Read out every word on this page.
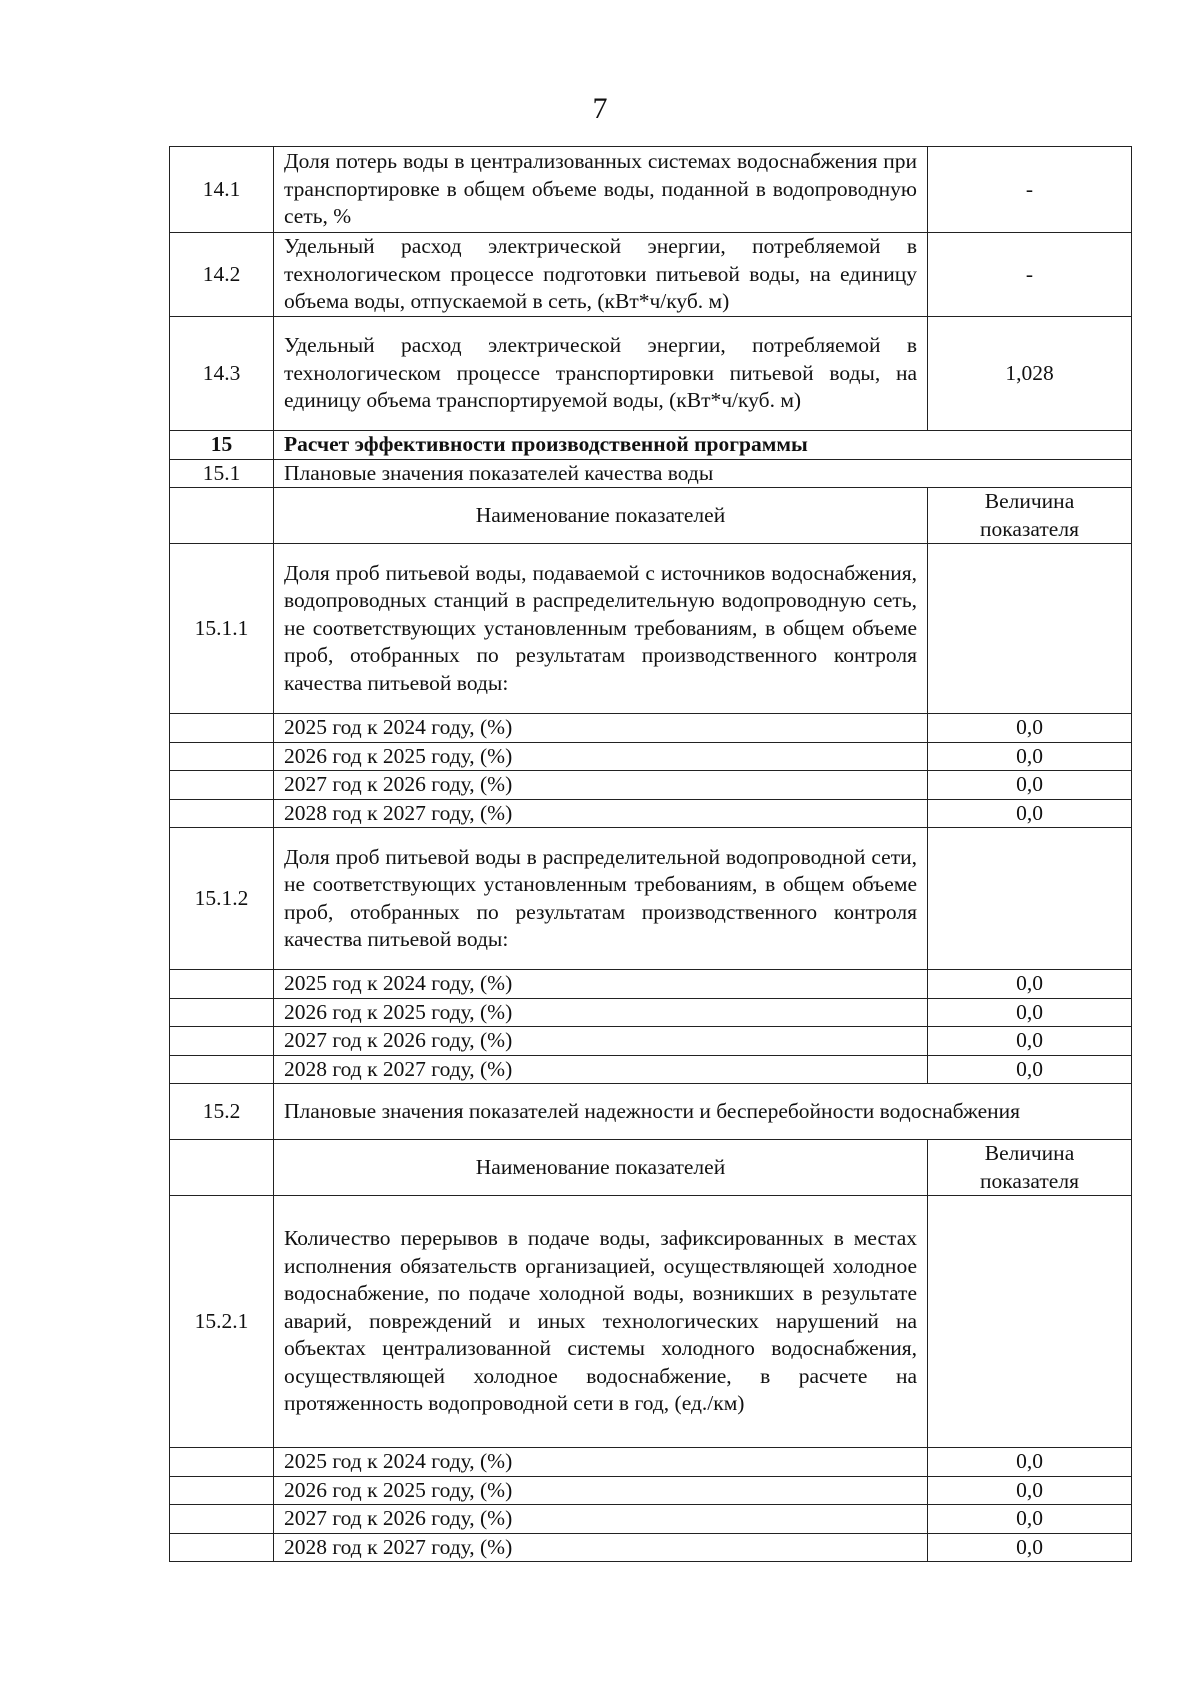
7
14.1	Доля потерь воды в централизованных системах водоснабжения при транспортировке в общем объеме воды, поданной в водопроводную сеть, %	-
14.2	Удельный расход электрической энергии, потребляемой в технологическом процессе подготовки питьевой воды, на единицу объема воды, отпускаемой в сеть, (кВт*ч/куб. м)	-
14.3	Удельный расход электрической энергии, потребляемой в технологическом процессе транспортировки питьевой воды, на единицу объема транспортируемой воды, (кВт*ч/куб. м)	1,028
15	Расчет эффективности производственной программы	
15.1	Плановые значения показателей качества воды	
	Наименование показателей	Величина показателя
15.1.1	Доля проб питьевой воды, подаваемой с источников водоснабжения, водопроводных станций в распределительную водопроводную сеть, не соответствующих установленным требованиям, в общем объеме проб, отобранных по результатам производственного контроля качества питьевой воды:	
	2025 год к 2024 году, (%)	0,0
	2026 год к 2025 году, (%)	0,0
	2027 год к 2026 году, (%)	0,0
	2028 год к 2027 году, (%)	0,0
15.1.2	Доля проб питьевой воды в распределительной водопроводной сети, не соответствующих установленным требованиям, в общем объеме проб, отобранных по результатам производственного контроля качества питьевой воды:	
	2025 год к 2024 году, (%)	0,0
	2026 год к 2025 году, (%)	0,0
	2027 год к 2026 году, (%)	0,0
	2028 год к 2027 году, (%)	0,0
15.2	Плановые значения показателей надежности и бесперебойности водоснабжения	
	Наименование показателей	Величина показателя
15.2.1	Количество перерывов в подаче воды, зафиксированных в местах исполнения обязательств организацией, осуществляющей холодное водоснабжение, по подаче холодной воды, возникших в результате аварий, повреждений и иных технологических нарушений на объектах централизованной системы холодного водоснабжения, осуществляющей холодное водоснабжение, в расчете на протяженность водопроводной сети в год, (ед./км)	
	2025 год к 2024 году, (%)	0,0
	2026 год к 2025 году, (%)	0,0
	2027 год к 2026 году, (%)	0,0
	2028 год к 2027 году, (%)	0,0
